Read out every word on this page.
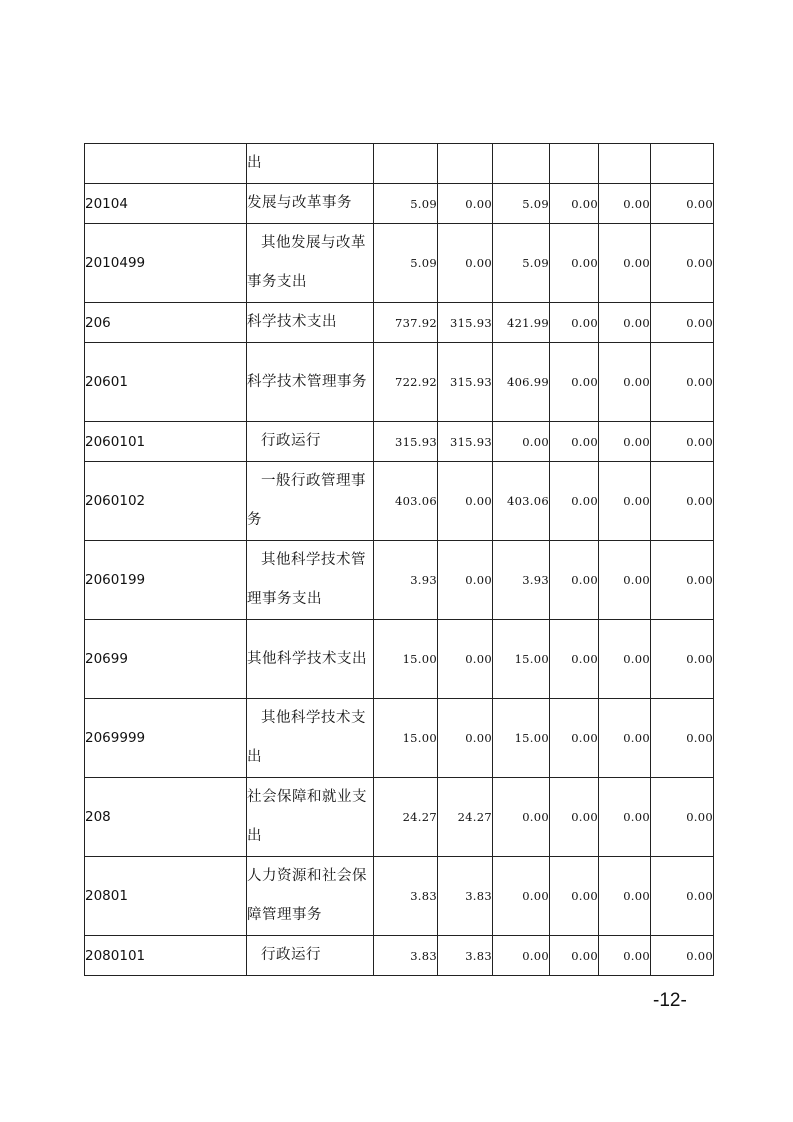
	出						

20104	发展与改革事务	5.09	0.00	5.09	0.00	0.00	0.00
2010499	其他发展与改革事务支出	5.09	0.00	5.09	0.00	0.00	0.00
206	科学技术支出	737.92	315.93	421.99	0.00	0.00	0.00
20601	科学技术管理事务	722.92	315.93	406.99	0.00	0.00	0.00
2060101	行政运行	315.93	315.93	0.00	0.00	0.00	0.00
2060102	一般行政管理事务	403.06	0.00	403.06	0.00	0.00	0.00
2060199	其他科学技术管理事务支出	3.93	0.00	3.93	0.00	0.00	0.00
20699	其他科学技术支出	15.00	0.00	15.00	0.00	0.00	0.00
2069999	其他科学技术支出	15.00	0.00	15.00	0.00	0.00	0.00
208	社会保障和就业支出	24.27	24.27	0.00	0.00	0.00	0.00
20801	人力资源和社会保障管理事务	3.83	3.83	0.00	0.00	0.00	0.00
2080101	行政运行	3.83	3.83	0.00	0.00	0.00	0.00
-12-
